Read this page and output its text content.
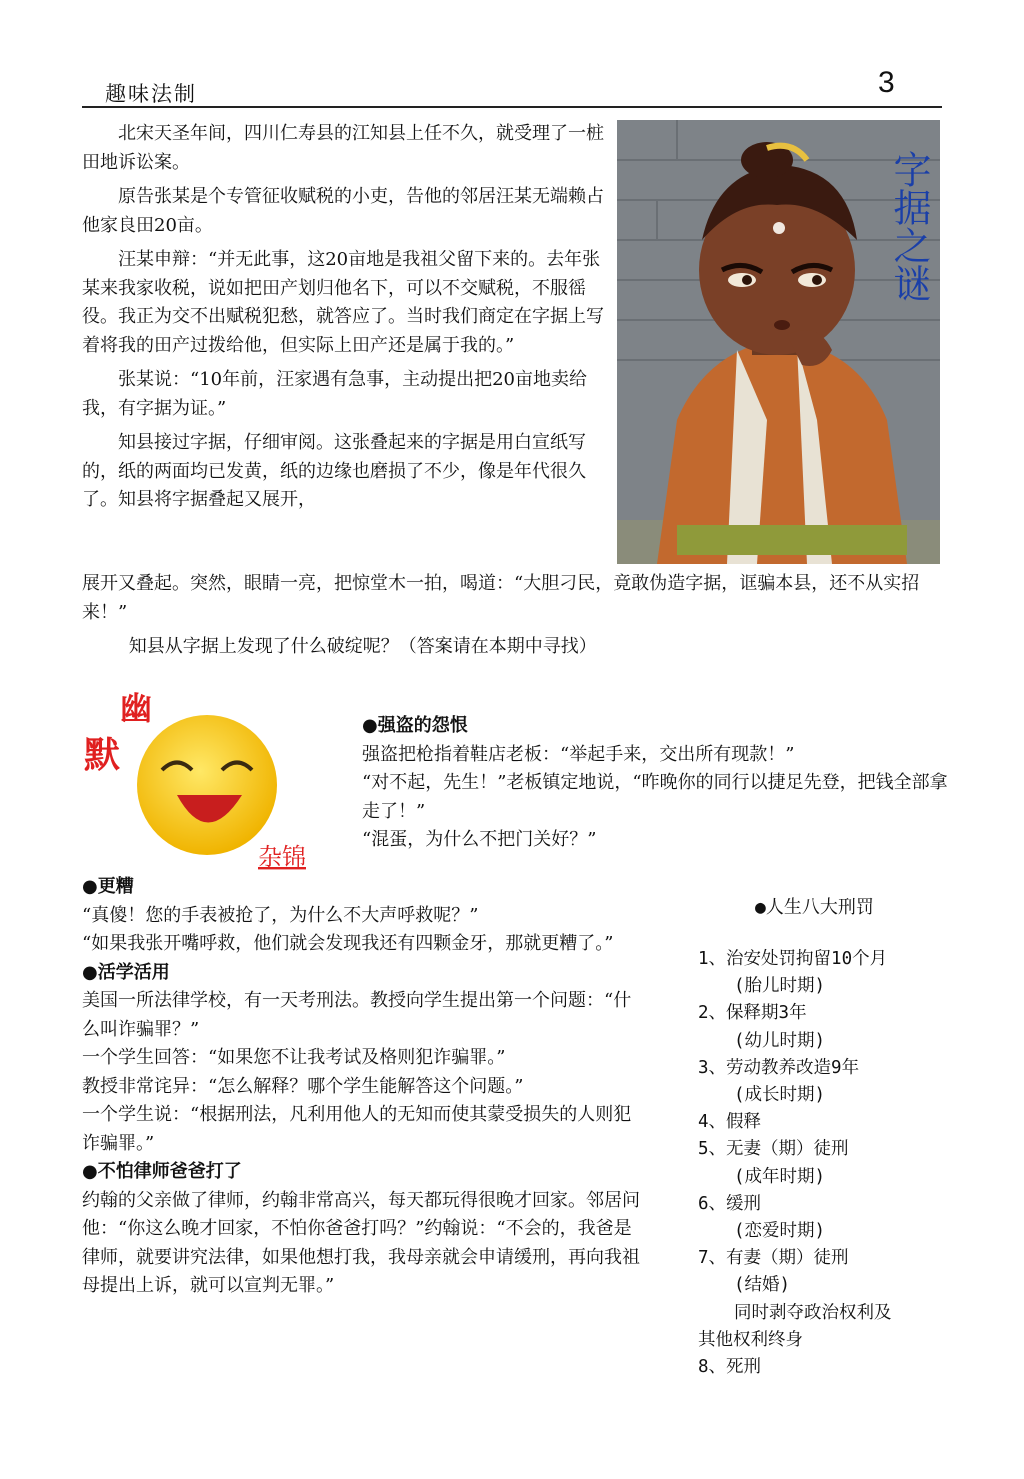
趣味法制	3

北宋天圣年间，四川仁寿县的江知县上任不久，就受理了一桩田地诉讼案。

原告张某是个专管征收赋税的小吏，告他的邻居汪某无端赖占他家良田20亩。

汪某申辩：“并无此事，这20亩地是我祖父留下来的。去年张某来我家收税，说如把田产划归他名下，可以不交赋税，不服徭役。我正为交不出赋税犯愁，就答应了。当时我们商定在字据上写着将我的田产过拨给他，但实际上田产还是属于我的。”

张某说：“10年前，汪家遇有急事，主动提出把20亩地卖给我，有字据为证。”

知县接过字据，仔细审阅。这张叠起来的字据是用白宣纸写的，纸的两面均已发黄，纸的边缘也磨损了不少，像是年代很久了。知县将字据叠起又展开，

展开又叠起。突然，眼睛一亮，把惊堂木一拍，喝道：“大胆刁民，竟敢伪造字据，诓骗本县，还不从实招来！”

知县从字据上发现了什么破绽呢？（答案请在本期中寻找）

字据之谜
幽
默
杂锦
●强盗的怨恨
强盗把枪指着鞋店老板：“举起手来，交出所有现款！”
“对不起，先生！”老板镇定地说，“昨晚你的同行以捷足先登，把钱全部拿走了！”
“混蛋，为什么不把门关好？”
●更糟
“真傻！您的手表被抢了，为什么不大声呼救呢？”
“如果我张开嘴呼救，他们就会发现我还有四颗金牙，那就更糟了。”
●活学活用
美国一所法律学校，有一天考刑法。教授向学生提出第一个问题：“什么叫诈骗罪？”
一个学生回答：“如果您不让我考试及格则犯诈骗罪。”
教授非常诧异：“怎么解释？哪个学生能解答这个问题。”
一个学生说：“根据刑法，凡利用他人的无知而使其蒙受损失的人则犯诈骗罪。”
●不怕律师爸爸打了
约翰的父亲做了律师，约翰非常高兴，每天都玩得很晚才回家。邻居问他：“你这么晚才回家，不怕你爸爸打吗？”约翰说：“不会的，我爸是律师，就要讲究法律，如果他想打我，我母亲就会申请缓刑，再向我祖母提出上诉，就可以宣判无罪。”
●人生八大刑罚
1、治安处罚拘留10个月
(胎儿时期)
2、保释期3年
(幼儿时期)
3、劳动教养改造9年
(成长时期)
4、假释
5、无妻（期）徒刑
(成年时期)
6、缓刑
(恋爱时期)
7、有妻（期）徒刑
(结婚)
同时剥夺政治权利及
其他权利终身
8、死刑
